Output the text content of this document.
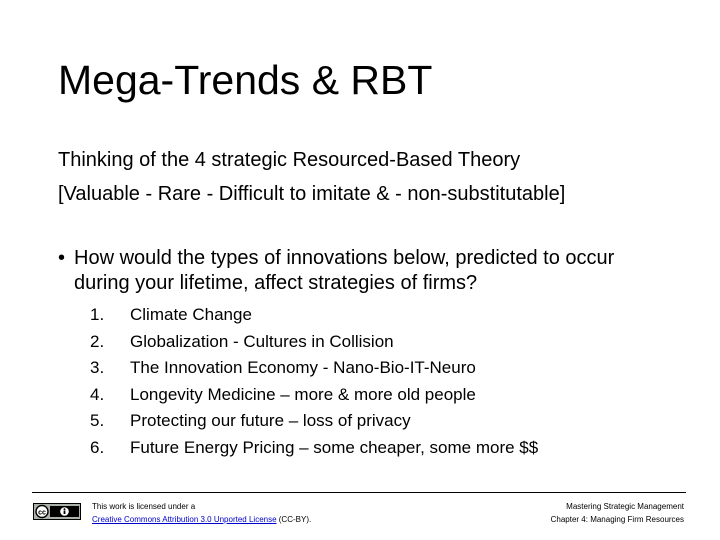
Mega-Trends & RBT
Thinking of the 4 strategic Resourced-Based Theory
[Valuable - Rare - Difficult to imitate & - non-substitutable]
• How would the types of innovations below, predicted to occur during your lifetime, affect strategies of firms?
1.	Climate Change
2.	Globalization - Cultures in Collision
3.	The Innovation Economy - Nano-Bio-IT-Neuro
4.	Longevity Medicine – more & more old people
5.	Protecting our future – loss of privacy
6.	Future Energy Pricing – some cheaper, some more $$
cc
This work is licensed under a
Creative Commons Attribution 3.0 Unported License (CC-BY).
Mastering Strategic Management
Chapter 4: Managing Firm Resources
